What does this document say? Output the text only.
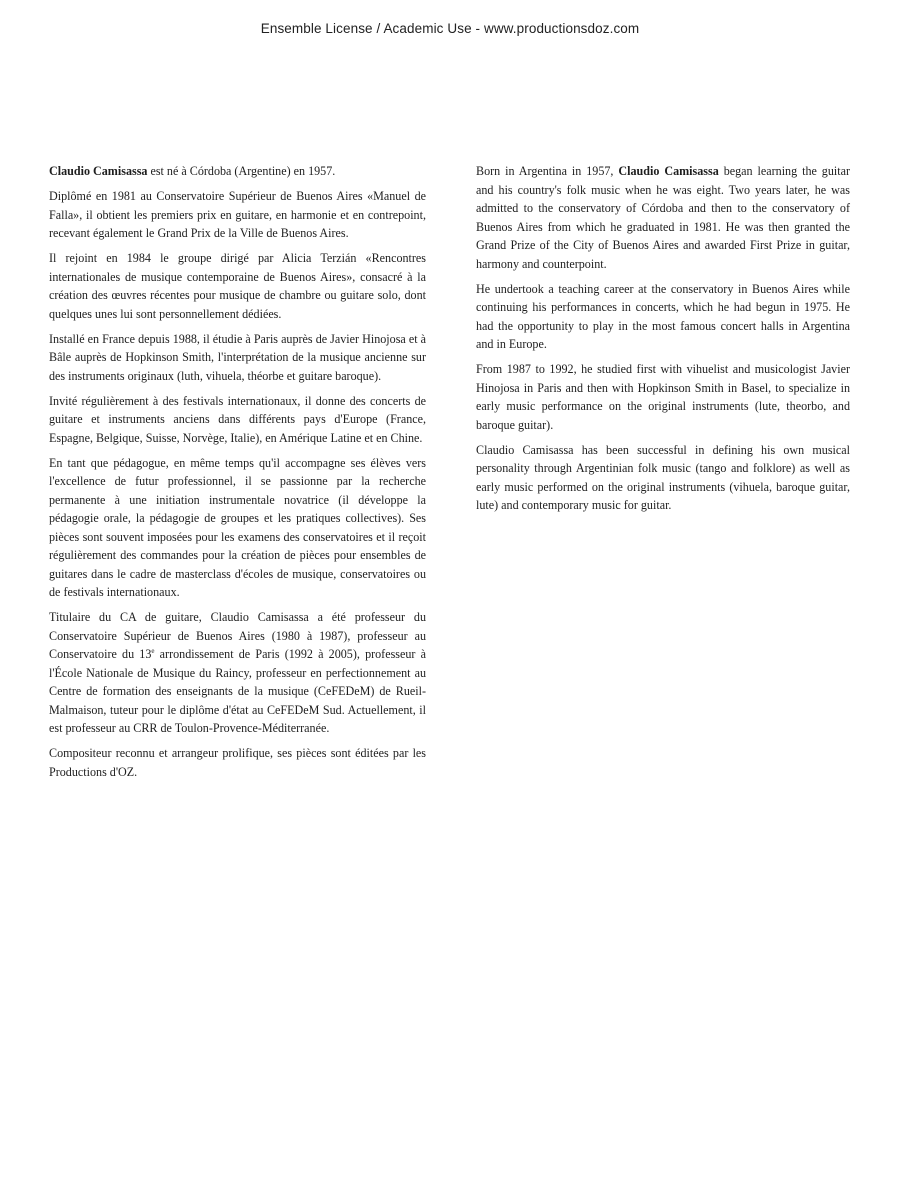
Ensemble License / Academic Use - www.productionsdoz.com

Claudio Camisassa est né à Córdoba (Argentine) en 1957.

Diplômé en 1981 au Conservatoire Supérieur de Buenos Aires «Manuel de Falla», il obtient les premiers prix en guitare, en harmonie et en contrepoint, recevant également le Grand Prix de la Ville de Buenos Aires.

Il rejoint en 1984 le groupe dirigé par Alicia Terzián «Rencontres internationales de musique contemporaine de Buenos Aires», consacré à la création des œuvres récentes pour musique de chambre ou guitare solo, dont quelques unes lui sont personnellement dédiées.

Installé en France depuis 1988, il étudie à Paris auprès de Javier Hinojosa et à Bâle auprès de Hopkinson Smith, l'interprétation de la musique ancienne sur des instruments originaux (luth, vihuela, théorbe et guitare baroque).

Invité régulièrement à des festivals internationaux, il donne des concerts de guitare et instruments anciens dans différents pays d'Europe (France, Espagne, Belgique, Suisse, Norvège, Italie), en Amérique Latine et en Chine.

En tant que pédagogue, en même temps qu'il accompagne ses élèves vers l'excellence de futur professionnel, il se passionne par la recherche permanente à une initiation instrumentale novatrice (il développe la pédagogie orale, la pédagogie de groupes et les pratiques collectives). Ses pièces sont souvent imposées pour les examens des conservatoires et il reçoit régulièrement des commandes pour la création de pièces pour ensembles de guitares dans le cadre de masterclass d'écoles de musique, conservatoires ou de festivals internationaux.

Titulaire du CA de guitare, Claudio Camisassa a été professeur du Conservatoire Supérieur de Buenos Aires (1980 à 1987), professeur au Conservatoire du 13e arrondissement de Paris (1992 à 2005), professeur à l'École Nationale de Musique du Raincy, professeur en perfectionnement au Centre de formation des enseignants de la musique (CeFEDeM) de Rueil-Malmaison, tuteur pour le diplôme d'état au CeFEDeM Sud. Actuellement, il est professeur au CRR de Toulon-Provence-Méditerranée.

Compositeur reconnu et arrangeur prolifique, ses pièces sont éditées par les Productions d'OZ.

Born in Argentina in 1957, Claudio Camisassa began learning the guitar and his country's folk music when he was eight. Two years later, he was admitted to the conservatory of Córdoba and then to the conservatory of Buenos Aires from which he graduated in 1981. He was then granted the Grand Prize of the City of Buenos Aires and awarded First Prize in guitar, harmony and counterpoint.

He undertook a teaching career at the conservatory in Buenos Aires while continuing his performances in concerts, which he had begun in 1975. He had the opportunity to play in the most famous concert halls in Argentina and in Europe.

From 1987 to 1992, he studied first with vihuelist and musicologist Javier Hinojosa in Paris and then with Hopkinson Smith in Basel, to specialize in early music performance on the original instruments (lute, theorbo, and baroque guitar).

Claudio Camisassa has been successful in defining his own musical personality through Argentinian folk music (tango and folklore) as well as early music performed on the original instruments (vihuela, baroque guitar, lute) and contemporary music for guitar.
